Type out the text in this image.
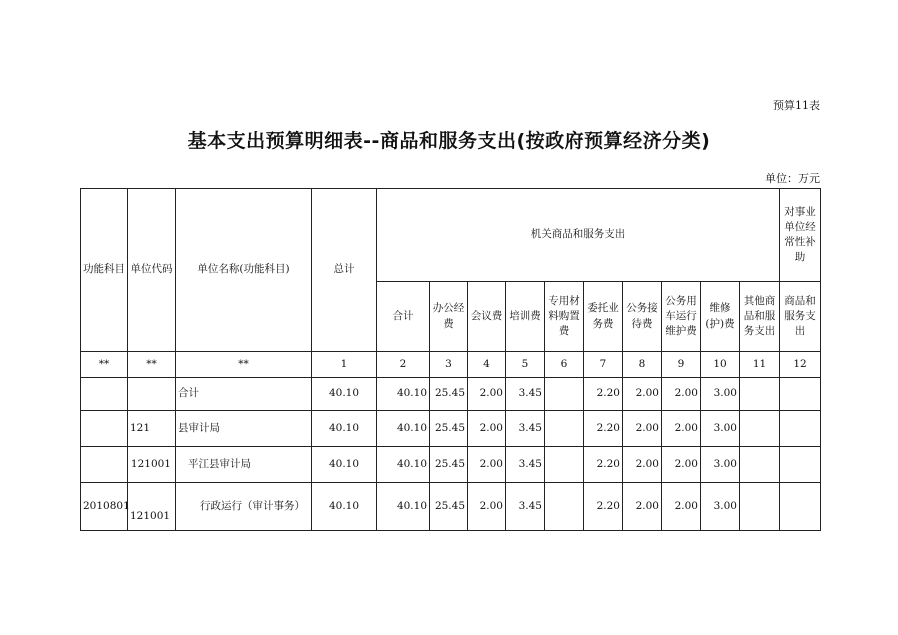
预算11表
基本支出预算明细表--商品和服务支出(按政府预算经济分类)
单位：万元
功能科目	单位代码	单位名称(功能科目)	总计	机关商品和服务支出										对事业单位经常性补助
				合计	办公经费	会议费	培训费	专用材料购置费	委托业务费	公务接待费	公务用车运行维护费	维修(护)费	其他商品和服务支出	商品和服务支出
**	**	**	1	2	3	4	5	6	7	8	9	10	11	12
		合计	40.10	40.10	25.45	2.00	3.45		2.20	2.00	2.00	3.00		
	121	县审计局	40.10	40.10	25.45	2.00	3.45		2.20	2.00	2.00	3.00		
	121001	平江县审计局	40.10	40.10	25.45	2.00	3.45		2.20	2.00	2.00	3.00		
2010801	121001	行政运行（审计事务）	40.10	40.10	25.45	2.00	3.45		2.20	2.00	2.00	3.00		
